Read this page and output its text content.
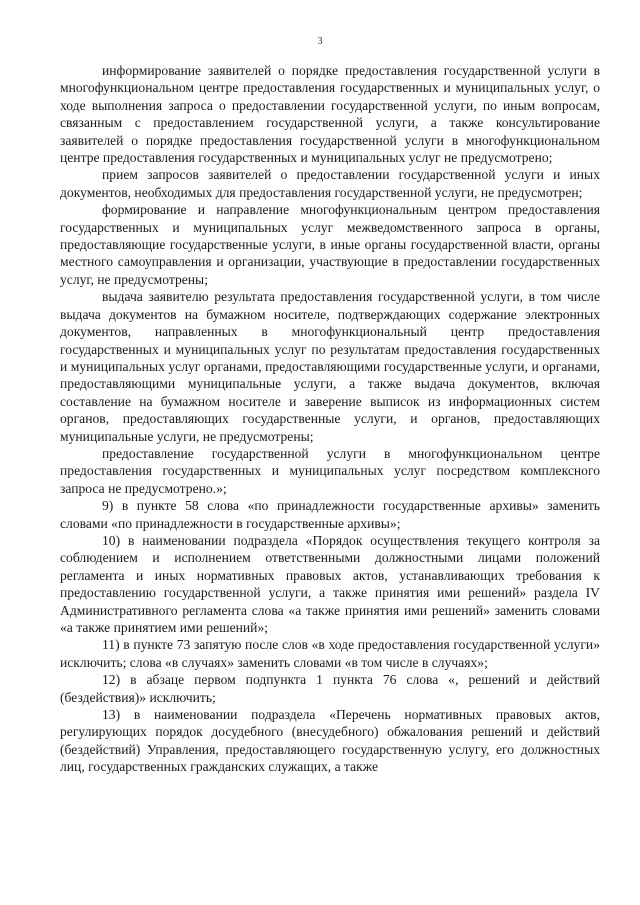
3

информирование заявителей о порядке предоставления государственной услуги в многофункциональном центре предоставления государственных и муниципальных услуг, о ходе выполнения запроса о предоставлении государственной услуги, по иным вопросам, связанным с предоставлением государственной услуги, а также консультирование заявителей о порядке предоставления государственной услуги в многофункциональном центре предоставления государственных и муниципальных услуг не предусмотрено;

прием запросов заявителей о предоставлении государственной услуги и иных документов, необходимых для предоставления государственной услуги, не предусмотрен;

формирование и направление многофункциональным центром предоставления государственных и муниципальных услуг межведомственного запроса в органы, предоставляющие государственные услуги, в иные органы государственной власти, органы местного самоуправления и организации, участвующие в предоставлении государственных услуг, не предусмотрены;

выдача заявителю результата предоставления государственной услуги, в том числе выдача документов на бумажном носителе, подтверждающих содержание электронных документов, направленных в многофункциональный центр предоставления государственных и муниципальных услуг по результатам предоставления государственных и муниципальных услуг органами, предоставляющими государственные услуги, и органами, предоставляющими муниципальные услуги, а также выдача документов, включая составление на бумажном носителе и заверение выписок из информационных систем органов, предоставляющих государственные услуги, и органов, предоставляющих муниципальные услуги, не предусмотрены;

предоставление государственной услуги в многофункциональном центре предоставления государственных и муниципальных услуг посредством комплексного запроса не предусмотрено.»;

9) в пункте 58 слова «по принадлежности государственные архивы» заменить словами «по принадлежности в государственные архивы»;

10) в наименовании подраздела «Порядок осуществления текущего контроля за соблюдением и исполнением ответственными должностными лицами положений регламента и иных нормативных правовых актов, устанавливающих требования к предоставлению государственной услуги, а также принятия ими решений» раздела IV Административного регламента слова «а также принятия ими решений» заменить словами «а также принятием ими решений»;

11) в пункте 73 запятую после слов «в ходе предоставления государственной услуги» исключить; слова «в случаях» заменить словами «в том числе в случаях»;

12) в абзаце первом подпункта 1 пункта 76 слова «, решений и действий (бездействия)» исключить;

13) в наименовании подраздела «Перечень нормативных правовых актов, регулирующих порядок досудебного (внесудебного) обжалования решений и действий (бездействий) Управления, предоставляющего государственную услугу, его должностных лиц, государственных гражданских служащих, а также
